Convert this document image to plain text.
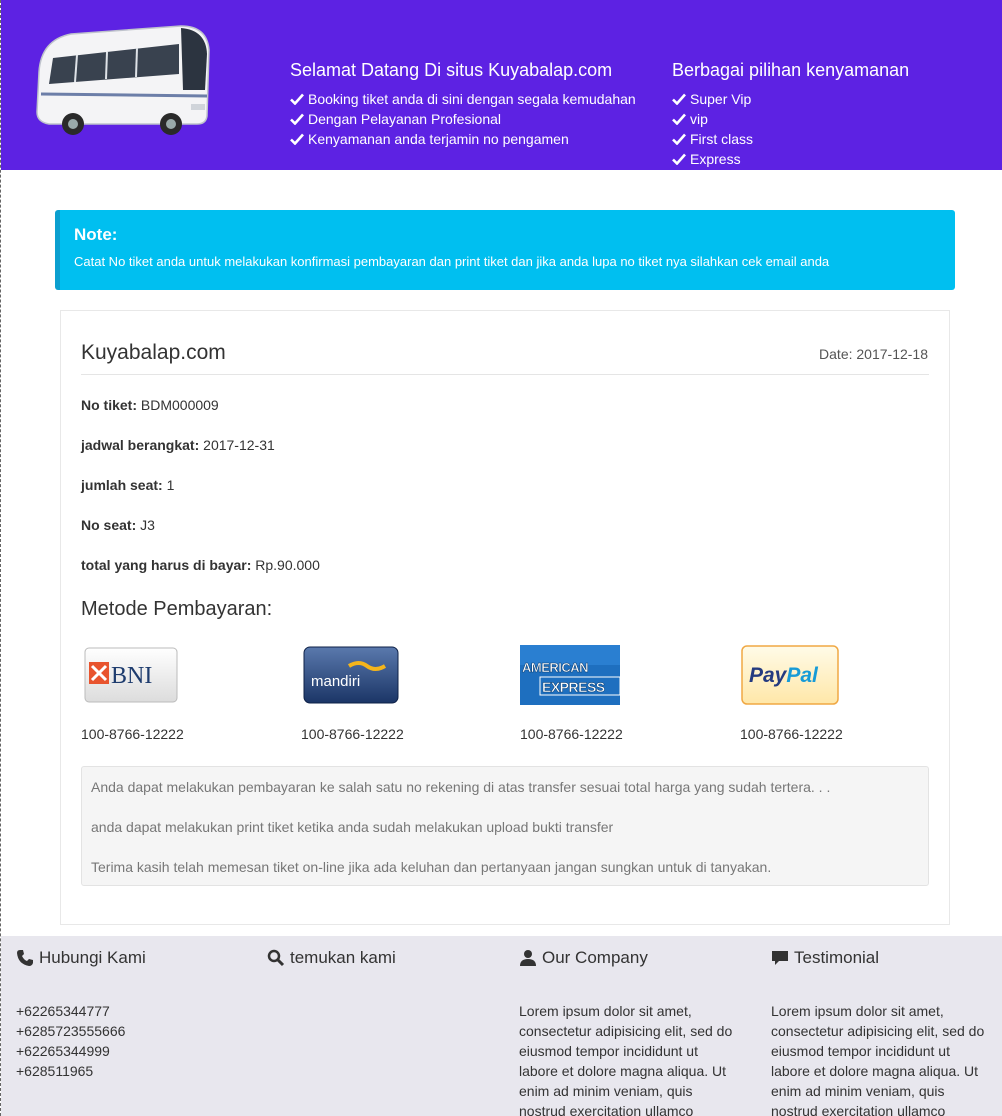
Selamat Datang Di situs Kuyabalap.com
Booking tiket anda di sini dengan segala kemudahan
Dengan Pelayanan Profesional
Kenyamanan anda terjamin no pengamen
Berbagai pilihan kenyamanan
Super Vip
vip
First class
Express
Note:
Catat No tiket anda untuk melakukan konfirmasi pembayaran dan print tiket dan jika anda lupa no tiket nya silahkan cek email anda
Kuyabalap.com	Date: 2017-12-18
No tiket: BDM000009
jadwal berangkat: 2017-12-31
jumlah seat: 1
No seat: J3
total yang harus di bayar: Rp.90.000
Metode Pembayaran:
BNI
100-8766-12222
mandiri
100-8766-12222
AMERICAN
EXPRESS
100-8766-12222
PayPal
100-8766-12222
Anda dapat melakukan pembayaran ke salah satu no rekening di atas transfer sesuai total harga yang sudah tertera. . .
anda dapat melakukan print tiket ketika anda sudah melakukan upload bukti transfer
Terima kasih telah memesan tiket on-line jika ada keluhan dan pertanyaan jangan sungkan untuk di tanyakan.
Hubungi Kami
+62265344777
+6285723555666
+62265344999
+628511965
temukan kami	Our Company
Lorem ipsum dolor sit amet,
consectetur adipisicing elit, sed do
eiusmod tempor incididunt ut
labore et dolore magna aliqua. Ut
enim ad minim veniam, quis
nostrud exercitation ullamco
Testimonial
Lorem ipsum dolor sit amet,
consectetur adipisicing elit, sed do
eiusmod tempor incididunt ut
labore et dolore magna aliqua. Ut
enim ad minim veniam, quis
nostrud exercitation ullamco
